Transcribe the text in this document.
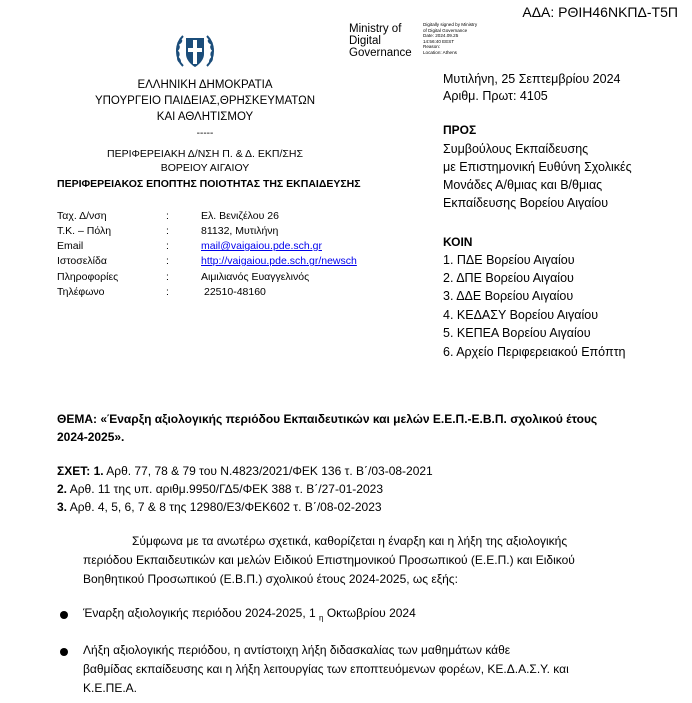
ΑΔΑ: ΡΘΙΗ46ΝΚΠΔ-Τ5Π
Ministry of Digital Governance
Digitally signed by Ministry
of Digital Governance
Date: 2024.09.25
14:56:40 EEST
Reason:
Location: Athens
ΕΛΛΗΝΙΚΗ ΔΗΜΟΚΡΑΤΙΑ
ΥΠΟΥΡΓΕΙΟ ΠΑΙΔΕΙΑΣ,ΘΡΗΣΚΕΥΜΑΤΩΝ
ΚΑΙ ΑΘΛΗΤΙΣΜΟΥ
-----
ΠΕΡΙΦΕΡΕΙΑΚΗ Δ/ΝΣΗ Π. & Δ. ΕΚΠ/ΣΗΣ
ΒΟΡΕΙΟΥ ΑΙΓΑΙΟΥ
ΠΕΡΙΦΕΡΕΙΑΚΟΣ ΕΠΟΠΤΗΣ ΠΟΙΟΤΗΤΑΣ ΤΗΣ ΕΚΠΑΙΔΕΥΣΗΣ
Ταχ. Δ/νση	:	Ελ. Βενιζέλου 26
Τ.Κ. – Πόλη	:	81132, Μυτιλήνη
Email	:	mail@vaigaiou.pde.sch.gr
Ιστοσελίδα	:	http://vaigaiou.pde.sch.gr/newsch
Πληροφορίες	:	Αιμιλιανός Ευαγγελινός
Τηλέφωνο	:	22510-48160
Μυτιλήνη, 25 Σεπτεμβρίου 2024
Αριθμ. Πρωτ: 4105
ΠΡΟΣ
Συμβούλους Εκπαίδευσης
με Επιστημονική Ευθύνη Σχολικές
Μονάδες Α/θμιας και Β/θμιας
Εκπαίδευσης Βορείου Αιγαίου
ΚΟΙΝ
1. ΠΔΕ Βορείου Αιγαίου
2. ΔΠΕ Βορείου Αιγαίου
3. ΔΔΕ Βορείου Αιγαίου
4. ΚΕΔΑΣΥ Βορείου Αιγαίου
5. ΚΕΠΕΑ Βορείου Αιγαίου
6. Αρχείο Περιφερειακού Επόπτη
ΘΕΜΑ: «Έναρξη αξιολογικής περιόδου Εκπαιδευτικών και μελών Ε.Ε.Π.-Ε.Β.Π. σχολικού έτους
2024-2025».
ΣΧΕΤ: 1. Αρθ. 77, 78 & 79 του Ν.4823/2021/ΦΕΚ 136 τ. Β΄/03-08-2021
2. Αρθ. 11 της υπ. αριθμ.9950/ΓΔ5/ΦΕΚ 388 τ. Β΄/27-01-2023
3. Αρθ. 4, 5, 6, 7 & 8 της 12980/Ε3/ΦΕΚ602 τ. Β΄/08-02-2023
Σύμφωνα με τα ανωτέρω σχετικά, καθορίζεται η έναρξη και η λήξη της αξιολογικής
περιόδου Εκπαιδευτικών και μελών Ειδικού Επιστημονικού Προσωπικού (Ε.Ε.Π.) και Ειδικού
Βοηθητικού Προσωπικού (Ε.Β.Π.) σχολικού έτους 2024-2025, ως εξής:
Έναρξη αξιολογικής περιόδου 2024-2025, 1 $_\eta$ Οκτωβρίου 2024
Λήξη αξιολογικής περιόδου, η αντίστοιχη λήξη διδασκαλίας των μαθημάτων κάθε
βαθμίδας εκπαίδευσης και η λήξη λειτουργίας των εποπτευόμενων φορέων, ΚΕ.Δ.Α.Σ.Υ. και
Κ.Ε.ΠΕ.Α.
